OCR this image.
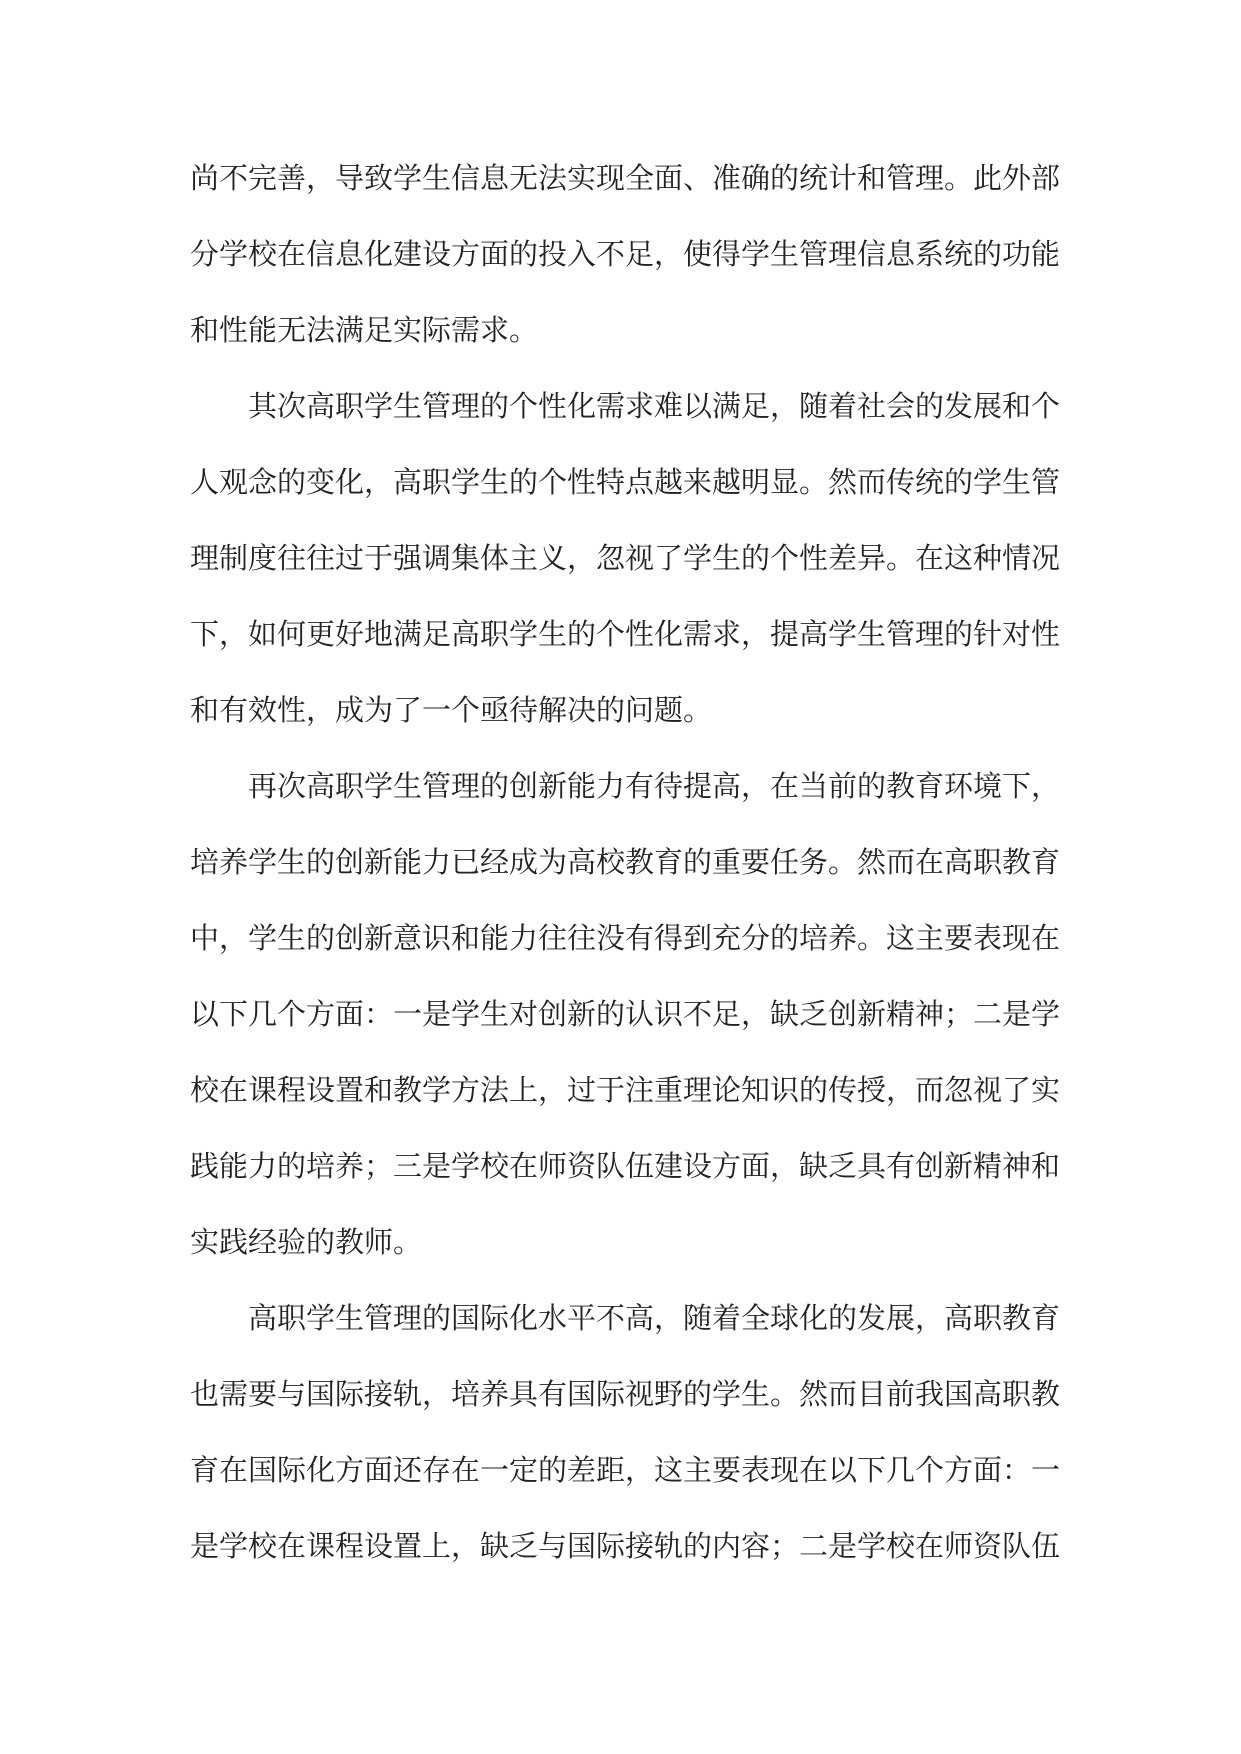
尚不完善，导致学生信息无法实现全面、准确的统计和管理。此外部
分学校在信息化建设方面的投入不足，使得学生管理信息系统的功能
和性能无法满足实际需求。
其次高职学生管理的个性化需求难以满足，随着社会的发展和个
人观念的变化，高职学生的个性特点越来越明显。然而传统的学生管
理制度往往过于强调集体主义，忽视了学生的个性差异。在这种情况
下，如何更好地满足高职学生的个性化需求，提高学生管理的针对性
和有效性，成为了一个亟待解决的问题。
再次高职学生管理的创新能力有待提高，在当前的教育环境下，
培养学生的创新能力已经成为高校教育的重要任务。然而在高职教育
中，学生的创新意识和能力往往没有得到充分的培养。这主要表现在
以下几个方面：一是学生对创新的认识不足，缺乏创新精神；二是学
校在课程设置和教学方法上，过于注重理论知识的传授，而忽视了实
践能力的培养；三是学校在师资队伍建设方面，缺乏具有创新精神和
实践经验的教师。
高职学生管理的国际化水平不高，随着全球化的发展，高职教育
也需要与国际接轨，培养具有国际视野的学生。然而目前我国高职教
育在国际化方面还存在一定的差距，这主要表现在以下几个方面：一
是学校在课程设置上，缺乏与国际接轨的内容；二是学校在师资队伍
